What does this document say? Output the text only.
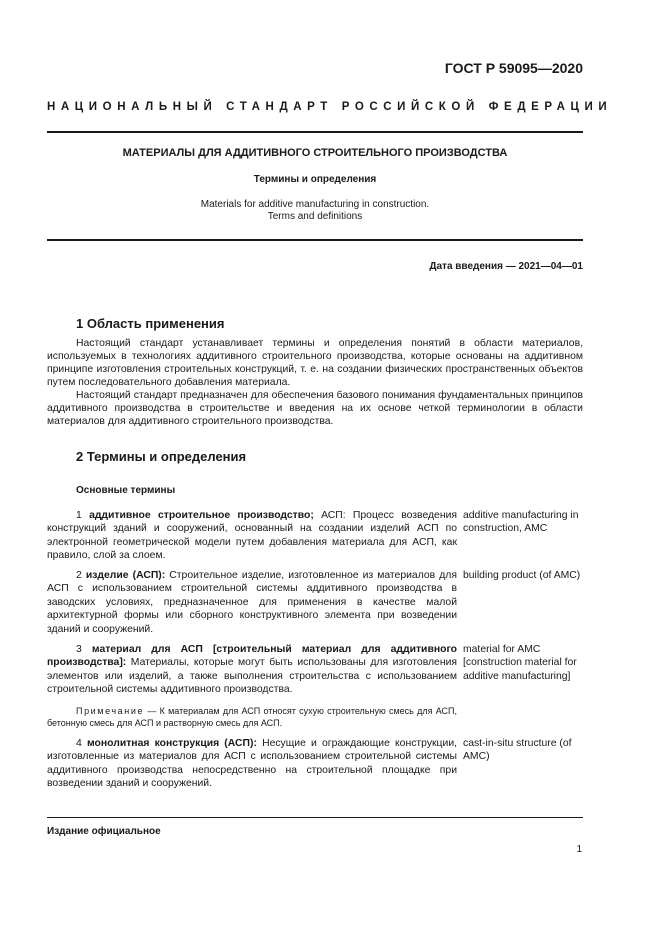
ГОСТ Р 59095—2020
НАЦИОНАЛЬНЫЙ СТАНДАРТ РОССИЙСКОЙ ФЕДЕРАЦИИ
МАТЕРИАЛЫ ДЛЯ АДДИТИВНОГО СТРОИТЕЛЬНОГО ПРОИЗВОДСТВА
Термины и определения
Materials for additive manufacturing in construction.
Terms and definitions
Дата введения — 2021—04—01
1 Область применения

Настоящий стандарт устанавливает термины и определения понятий в области материалов, используемых в технологиях аддитивного строительного производства, которые основаны на аддитивном принципе изготовления строительных конструкций, т. е. на создании физических пространственных объектов путем последовательного добавления материала.

Настоящий стандарт предназначен для обеспечения базового понимания фундаментальных принципов аддитивного производства в строительстве и введения на их основе четкой терминологии в области материалов для аддитивного строительного производства.

2 Термины и определения
Основные термины
1 аддитивное строительное производство; АСП: Процесс возведения конструкций зданий и сооружений, основанный на создании изделий АСП по электронной геометрической модели путем добавления материала для АСП, как правило, слой за слоем.
additive manufacturing in construction, AMC
2 изделие (АСП): Строительное изделие, изготовленное из материалов для АСП с использованием строительной системы аддитивного производства в заводских условиях, предназначенное для применения в качестве малой архитектурной формы или сборного конструктивного элемента при возведении зданий и сооружений.
building product (of AMC)
3 материал для АСП [строительный материал для аддитивного производства]: Материалы, которые могут быть использованы для изготовления элементов или изделий, а также выполнения строительства с использованием строительной системы аддитивного производства.
material for AMC [construction material for additive manufacturing]
Примечание — К материалам для АСП относят сухую строительную смесь для АСП, бетонную смесь для АСП и растворную смесь для АСП.
4 монолитная конструкция (АСП): Несущие и ограждающие конструкции, изготовленные из материалов для АСП с использованием строительной системы аддитивного производства непосредственно на строительной площадке при возведении зданий и сооружений.
cast-in-situ structure (of AMC)
Издание официальное
1
